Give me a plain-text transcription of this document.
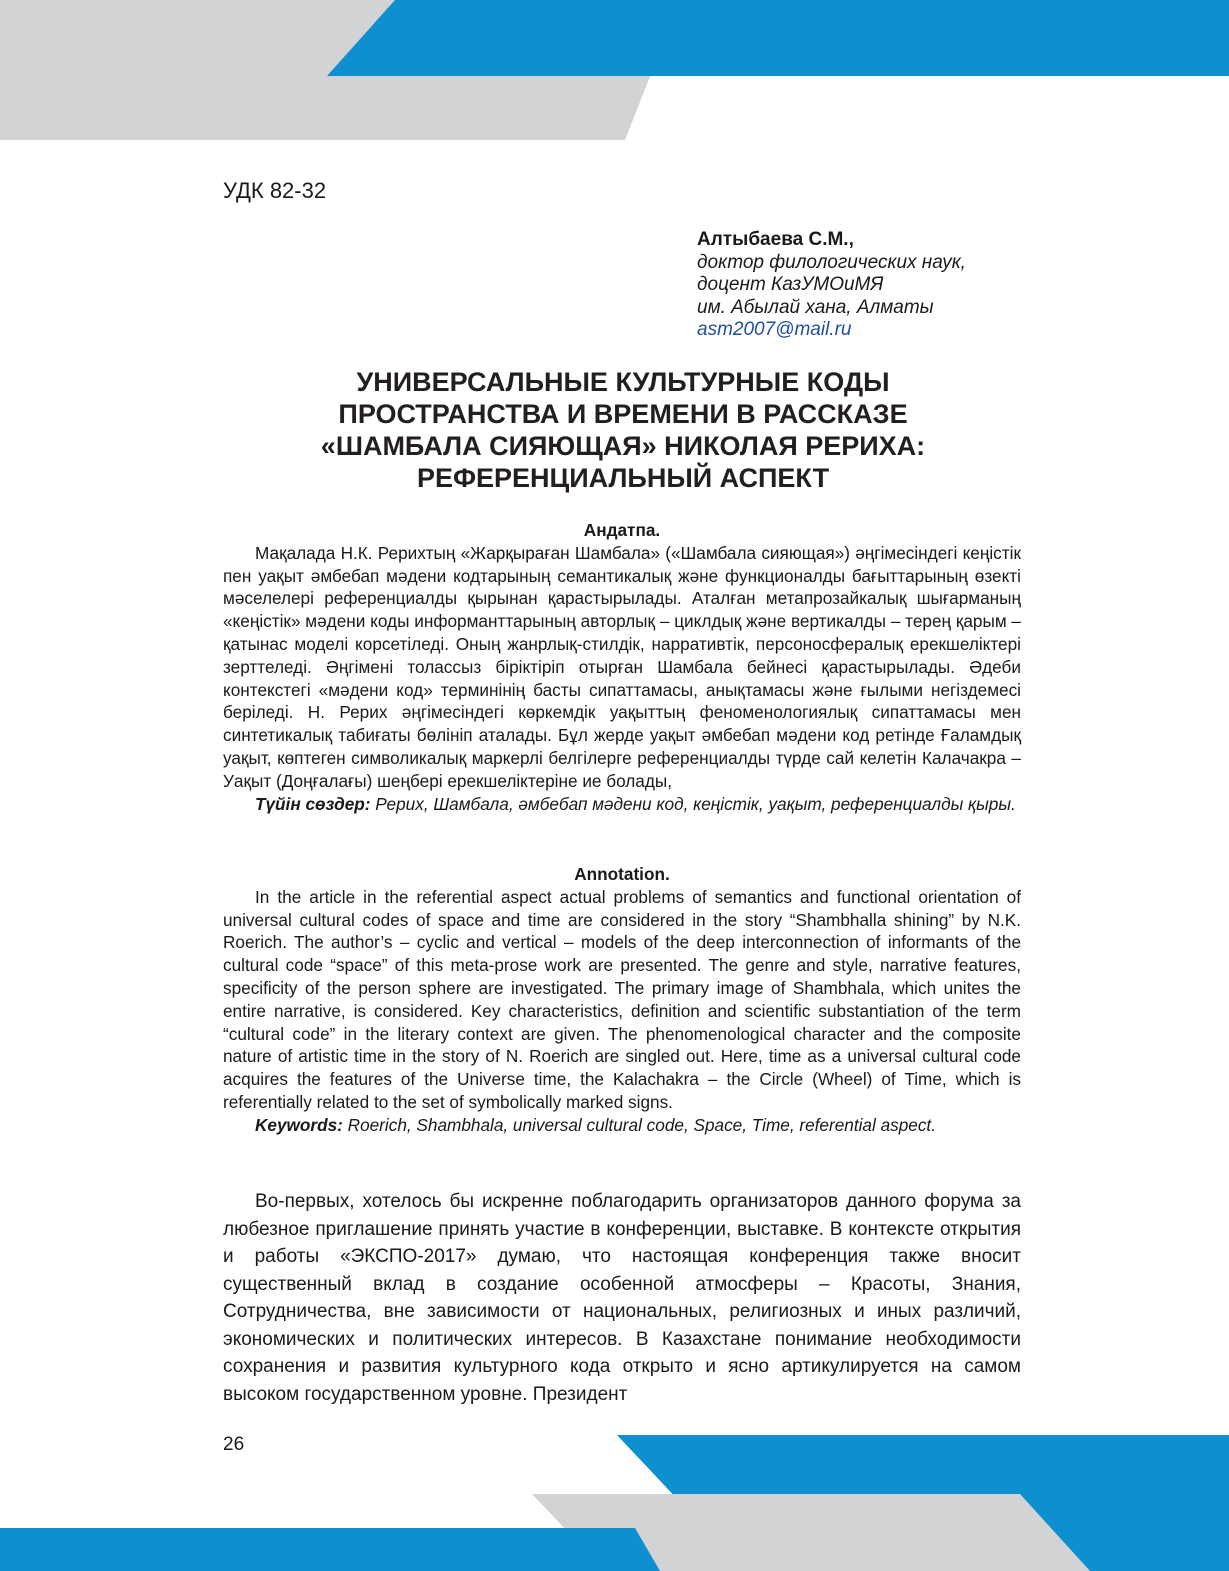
УДК 82-32
Алтыбаева С.М.,
доктор филологических наук,
доцент КазУМОиМЯ
им. Абылай хана, Алматы
asm2007@mail.ru
УНИВЕРСАЛЬНЫЕ КУЛЬТУРНЫЕ КОДЫ
ПРОСТРАНСТВА И ВРЕМЕНИ В РАССКАЗЕ
«ШАМБАЛА СИЯЮЩАЯ» НИКОЛАЯ РЕРИХА:
РЕФЕРЕНЦИАЛЬНЫЙ АСПЕКТ
Андатпа.

Мақалада Н.К. Рерихтың «Жарқыраған Шамбала» («Шамбала сияющая») әңгімесіндегі кеңістік пен уақыт әмбебап мәдени кодтарының семантикалық және функционалды бағыттарының өзекті мәселелері референциалды қырынан қарастырылады. Аталған метапрозайкалық шығарманың «кеңістік» мәдени коды информанттарының авторлық – циклдық және вертикалды – терең қарым – қатынас моделі корсетіледі. Оның жанрлық-стилдік, нарративтік, персоносфералық ерекшеліктері зерттеледі. Әңгімені толассыз біріктіріп отырған Шамбала бейнесі қарастырылады. Әдеби контекстегі «мәдени код» терминінің басты сипаттамасы, анықтамасы және ғылыми негіздемесі беріледі. Н. Рерих әңгімесіндегі көркемдік уақыттың феноменологиялық сипаттамасы мен синтетикалық табиғаты бөлініп аталады. Бұл жерде уақыт әмбебап мәдени код ретінде Ғаламдық уақыт, көптеген символикалық маркерлі белгілерге референциалды түрде сай келетін Калачакра – Уақыт (Доңғалағы) шеңбері ерекшеліктеріне ие болады,

Түйін сөздер: Рерих, Шамбала, әмбебап мәдени код, кеңістік, уақыт, референциалды қыры.

Annotation.

In the article in the referential aspect actual problems of semantics and functional orientation of universal cultural codes of space and time are considered in the story “Shambhalla shining” by N.K. Roerich. The author’s – cyclic and vertical – models of the deep interconnection of informants of the cultural code “space” of this meta-prose work are presented. The genre and style, narrative features, specificity of the person sphere are investigated. The primary image of Shambhala, which unites the entire narrative, is considered. Key characteristics, definition and scientific substantiation of the term “cultural code” in the literary context are given. The phenomenological character and the composite nature of artistic time in the story of N. Roerich are singled out. Here, time as a universal cultural code acquires the features of the Universe time, the Kalachakra – the Circle (Wheel) of Time, which is referentially related to the set of symbolically marked signs.

Keywords: Roerich, Shambhala, universal cultural code, Space, Time, referential aspect.

Во-первых, хотелось бы искренне поблагодарить организаторов данного форума за любезное приглашение принять участие в конференции, выставке. В контексте открытия и работы «ЭКСПО-2017» думаю, что настоящая конференция также вносит существенный вклад в создание особенной атмосферы – Красоты, Знания, Сотрудничества, вне зависимости от национальных, религиозных и иных различий, экономических и политических интересов. В Казахстане понимание необходимости сохранения и развития культурного кода открыто и ясно артикулируется на самом высоком государственном уровне. Президент

26
